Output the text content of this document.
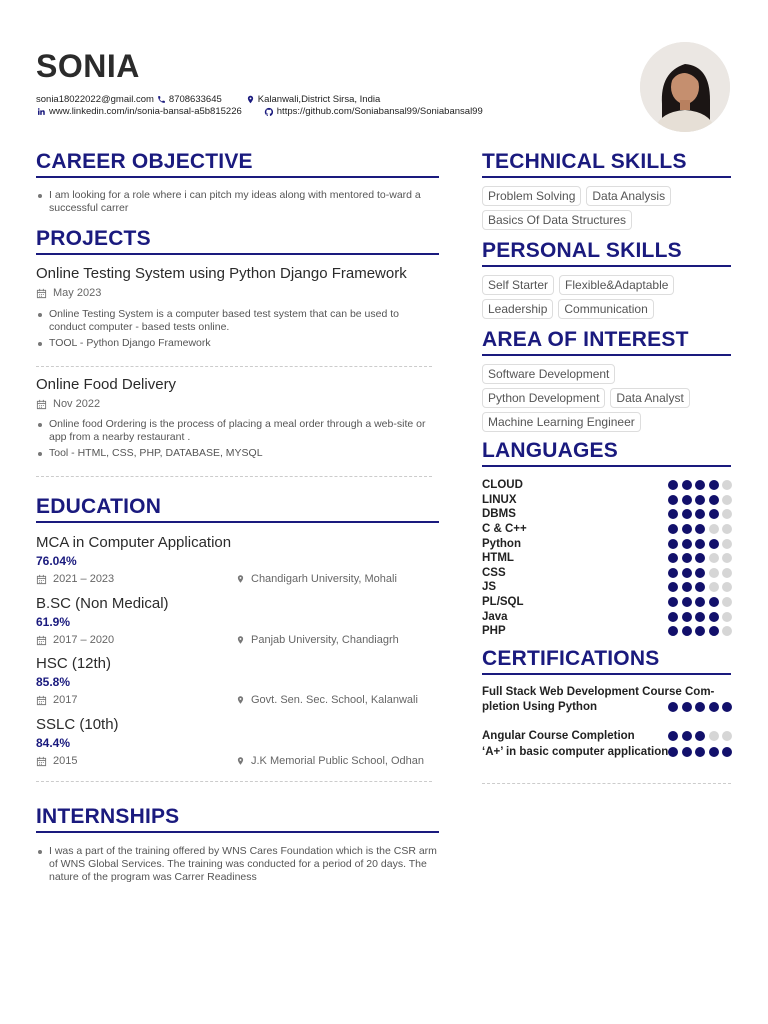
SONIA
sonia18022022@gmail.com 8708633645	Kalanwali,District Sirsa, India
www.linkedin.com/in/sonia-bansal-a5b815226	https://github.com/Soniabansal99/Soniabansal99
CAREER OBJECTIVE
I am looking for a role where i can pitch my ideas along with mentored to-ward a successful carrer
PROJECTS
Online Testing System using Python Django Framework
May 2023
Online Testing System is a computer based test system that can be used to conduct computer - based tests online.
TOOL - Python Django Framework
Online Food Delivery
Nov 2022
Online food Ordering is the process of placing a meal order through a web-site or app from a nearby restaurant .
Tool - HTML, CSS, PHP, DATABASE, MYSQL
EDUCATION
MCA in Computer Application
76.04%
2021 – 2023	Chandigarh University, Mohali
B.SC (Non Medical)
61.9%
2017 – 2020	Panjab University, Chandiagrh
HSC (12th)
85.8%
2017	Govt. Sen. Sec. School, Kalanwali
SSLC (10th)
84.4%
2015	J.K Memorial Public School, Odhan
INTERNSHIPS
I was a part of the training offered by WNS Cares Foundation which is the CSR arm of WNS Global Services. The training was conducted for a period of 20 days. The nature of the program was Carrer Readiness
TECHNICAL SKILLS
Problem Solving	Data Analysis
Basics Of Data Structures
PERSONAL SKILLS
Self Starter	Flexible&Adaptable
Leadership	Communication
AREA OF INTEREST
Software Development
Python Development	Data Analyst
Machine Learning Engineer
LANGUAGES
CLOUD
LINUX
DBMS
C & C++
Python
HTML
CSS
JS
PL/SQL
Java
PHP
CERTIFICATIONS
Full Stack Web Development Course Com-pletion Using Python
Angular Course Completion
‘A+’ in basic computer application
